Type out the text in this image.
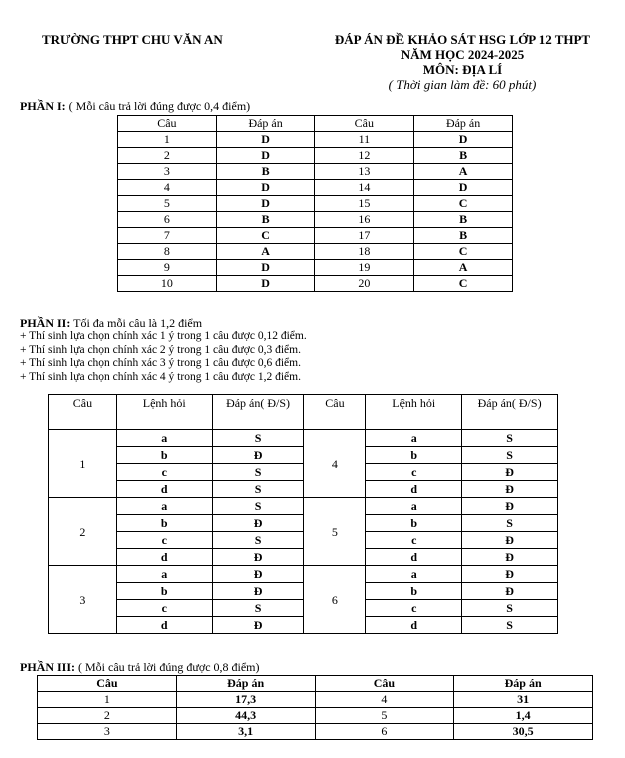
TRƯỜNG THPT CHU VĂN AN	ĐÁP ÁN ĐỀ KHẢO SÁT HSG LỚP 12 THPT
NĂM HỌC 2024-2025
MÔN: ĐỊA LÍ
( Thời gian làm đề: 60 phút)
PHẦN I: ( Mỗi câu trả lời đúng được 0,4 điểm)
Câu	Đáp án	Câu	Đáp án
1	D	11	D
2	D	12	B
3	B	13	A
4	D	14	D
5	D	15	C
6	B	16	B
7	C	17	B
8	A	18	C
9	D	19	A
10	D	20	C
PHẦN II: Tối đa mỗi câu là 1,2 điểm
+ Thí sinh lựa chọn chính xác 1 ý trong 1 câu được 0,12 điểm.
+ Thí sinh lựa chọn chính xác 2 ý trong 1 câu được 0,3 điểm.
+ Thí sinh lựa chọn chính xác 3 ý trong 1 câu được 0,6 điểm.
+ Thí sinh lựa chọn chính xác 4 ý trong 1 câu được 1,2 điểm.
Câu	Lệnh hỏi	Đáp án( Đ/S)	Câu	Lệnh hỏi	Đáp án( Đ/S)
1	a	S	4	a	S
	b	Đ		b	S
	c	S		c	Đ
	d	S		d	Đ
2	a	S	5	a	Đ
	b	Đ		b	S
	c	S		c	Đ
	d	Đ		d	Đ
3	a	Đ	6	a	Đ
	b	Đ		b	Đ
	c	S		c	S
	d	Đ		d	S
PHẦN III: ( Mỗi câu trả lời đúng được 0,8 điểm)
Câu	Đáp án	Câu	Đáp án
1	17,3	4	31
2	44,3	5	1,4
3	3,1	6	30,5
